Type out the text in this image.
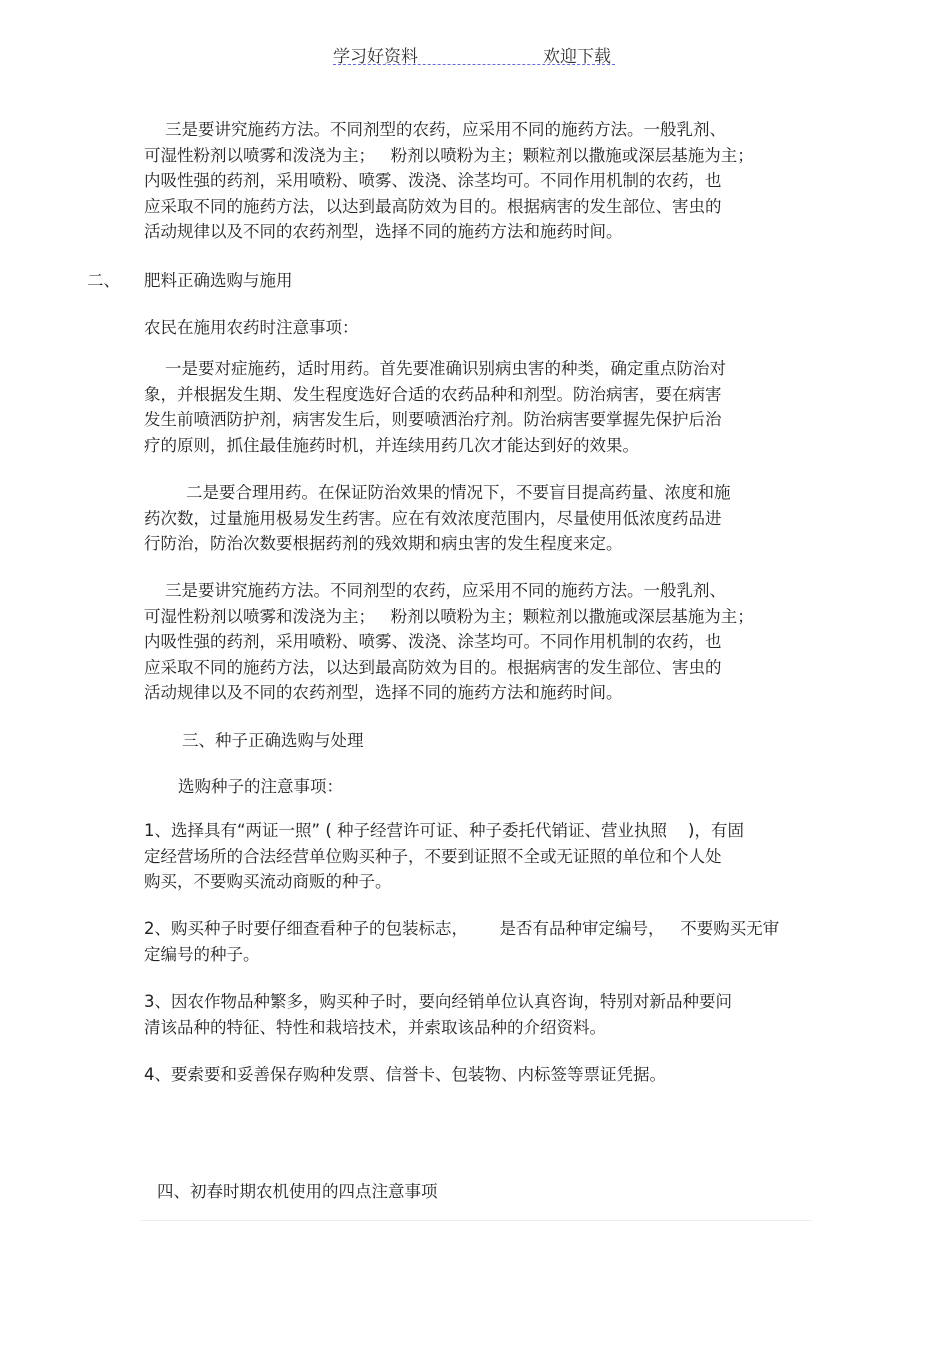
学习好资料	欢迎下载
三是要讲究施药方法。不同剂型的农药，应采用不同的施药方法。一般乳剂、
可湿性粉剂以喷雾和泼浇为主；   粉剂以喷粉为主；颗粒剂以撒施或深层基施为主；
内吸性强的药剂，采用喷粉、喷雾、泼浇、涂茎均可。不同作用机制的农药，也
应采取不同的施药方法，以达到最高防效为目的。根据病害的发生部位、害虫的
活动规律以及不同的农药剂型，选择不同的施药方法和施药时间。
二、 肥料正确选购与施用
农民在施用农药时注意事项：
一是要对症施药，适时用药。首先要准确识别病虫害的种类，确定重点防治对
象，并根据发生期、发生程度选好合适的农药品种和剂型。防治病害，要在病害
发生前喷洒防护剂，病害发生后，则要喷洒治疗剂。防治病害要掌握先保护后治
疗的原则，抓住最佳施药时机，并连续用药几次才能达到好的效果。
二是要合理用药。在保证防治效果的情况下，不要盲目提高药量、浓度和施
药次数，过量施用极易发生药害。应在有效浓度范围内，尽量使用低浓度药品进
行防治，防治次数要根据药剂的残效期和病虫害的发生程度来定。
三是要讲究施药方法。不同剂型的农药，应采用不同的施药方法。一般乳剂、
可湿性粉剂以喷雾和泼浇为主；   粉剂以喷粉为主；颗粒剂以撒施或深层基施为主；
内吸性强的药剂，采用喷粉、喷雾、泼浇、涂茎均可。不同作用机制的农药，也
应采取不同的施药方法，以达到最高防效为目的。根据病害的发生部位、害虫的
活动规律以及不同的农药剂型，选择不同的施药方法和施药时间。
三、种子正确选购与处理
选购种子的注意事项：
1、选择具有“两证一照” ( 种子经营许可证、种子委托代销证、营业执照    )，有固
定经营场所的合法经营单位购买种子，不要到证照不全或无证照的单位和个人处
购买，不要购买流动商贩的种子。
2、购买种子时要仔细查看种子的包装标志，      是否有品种审定编号，   不要购买无审
定编号的种子。
3、因农作物品种繁多，购买种子时，要向经销单位认真咨询，特别对新品种要问
清该品种的特征、特性和栽培技术，并索取该品种的介绍资料。
4、要索要和妥善保存购种发票、信誉卡、包装物、内标签等票证凭据。
四、初春时期农机使用的四点注意事项
